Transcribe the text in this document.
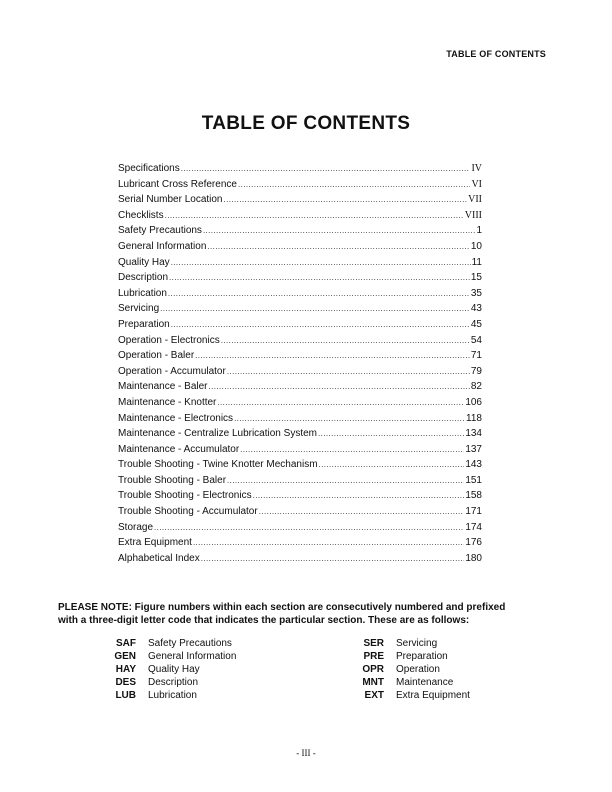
TABLE OF CONTENTS
TABLE OF CONTENTS
Specifications .....	IV
Lubricant Cross Reference .....	VI
Serial Number Location .....	VII
Checklists .....	VIII
Safety Precautions .....	1
General Information .....	10
Quality Hay .....	11
Description .....	15
Lubrication .....	35
Servicing .....	43
Preparation .....	45
Operation - Electronics .....	54
Operation - Baler .....	71
Operation - Accumulator .....	79
Maintenance - Baler .....	82
Maintenance - Knotter .....	106
Maintenance - Electronics .....	118
Maintenance - Centralize Lubrication System .....	134
Maintenance - Accumulator .....	137
Trouble Shooting - Twine Knotter Mechanism .....	143
Trouble Shooting - Baler .....	151
Trouble Shooting - Electronics .....	158
Trouble Shooting - Accumulator .....	171
Storage .....	174
Extra Equipment .....	176
Alphabetical Index .....	180
PLEASE NOTE: Figure numbers within each section are consecutively numbered and prefixed
with a three-digit letter code that indicates the particular section. These are as follows:
SAF Safety Precautions
GEN General Information
HAY Quality Hay
DES Description
LUB Lubrication
SER Servicing
PRE Preparation
OPR Operation
MNT Maintenance
EXT Extra Equipment
- III -
